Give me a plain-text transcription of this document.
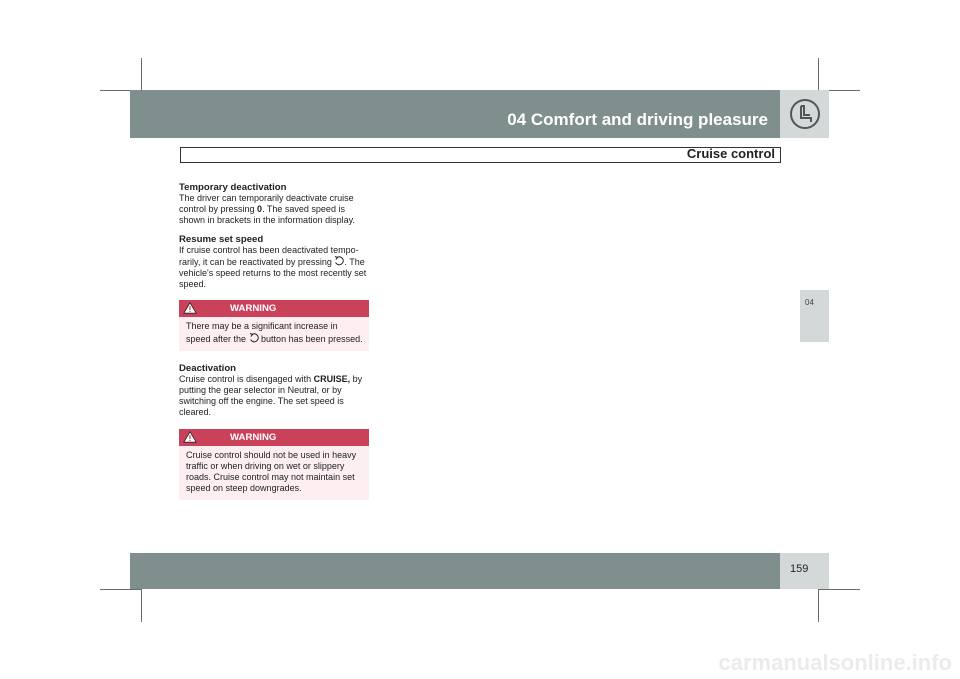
04 Comfort and driving pleasure
Cruise control
04
159
Temporary deactivation

The driver can temporarily deactivate cruise control by pressing 0. The saved speed is shown in brackets in the information display.

Resume set speed

If cruise control has been deactivated tempo-rarily, it can be reactivated by pressing . The vehicle's speed returns to the most recently set speed.

WARNING
There may be a significant increase in speed after the  button has been pressed.
Deactivation

Cruise control is disengaged with CRUISE, by putting the gear selector in Neutral, or by switching off the engine. The set speed is cleared.

WARNING
Cruise control should not be used in heavy traffic or when driving on wet or slippery roads. Cruise control may not maintain set speed on steep downgrades.
carmanualsonline.info
